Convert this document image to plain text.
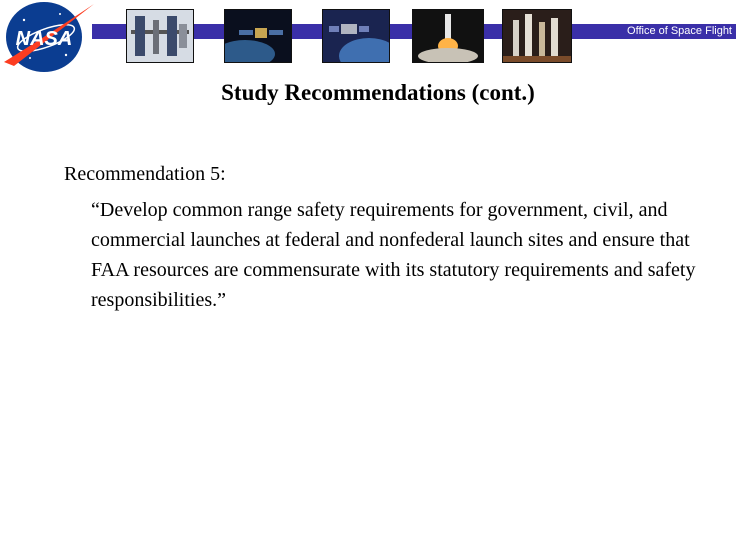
Office of Space Flight
NASA
Study Recommendations (cont.)
Recommendation 5:
“Develop common range safety requirements for government, civil, and commercial launches at federal and nonfederal launch sites and ensure that FAA resources are commensurate with its statutory requirements and safety responsibilities.”
